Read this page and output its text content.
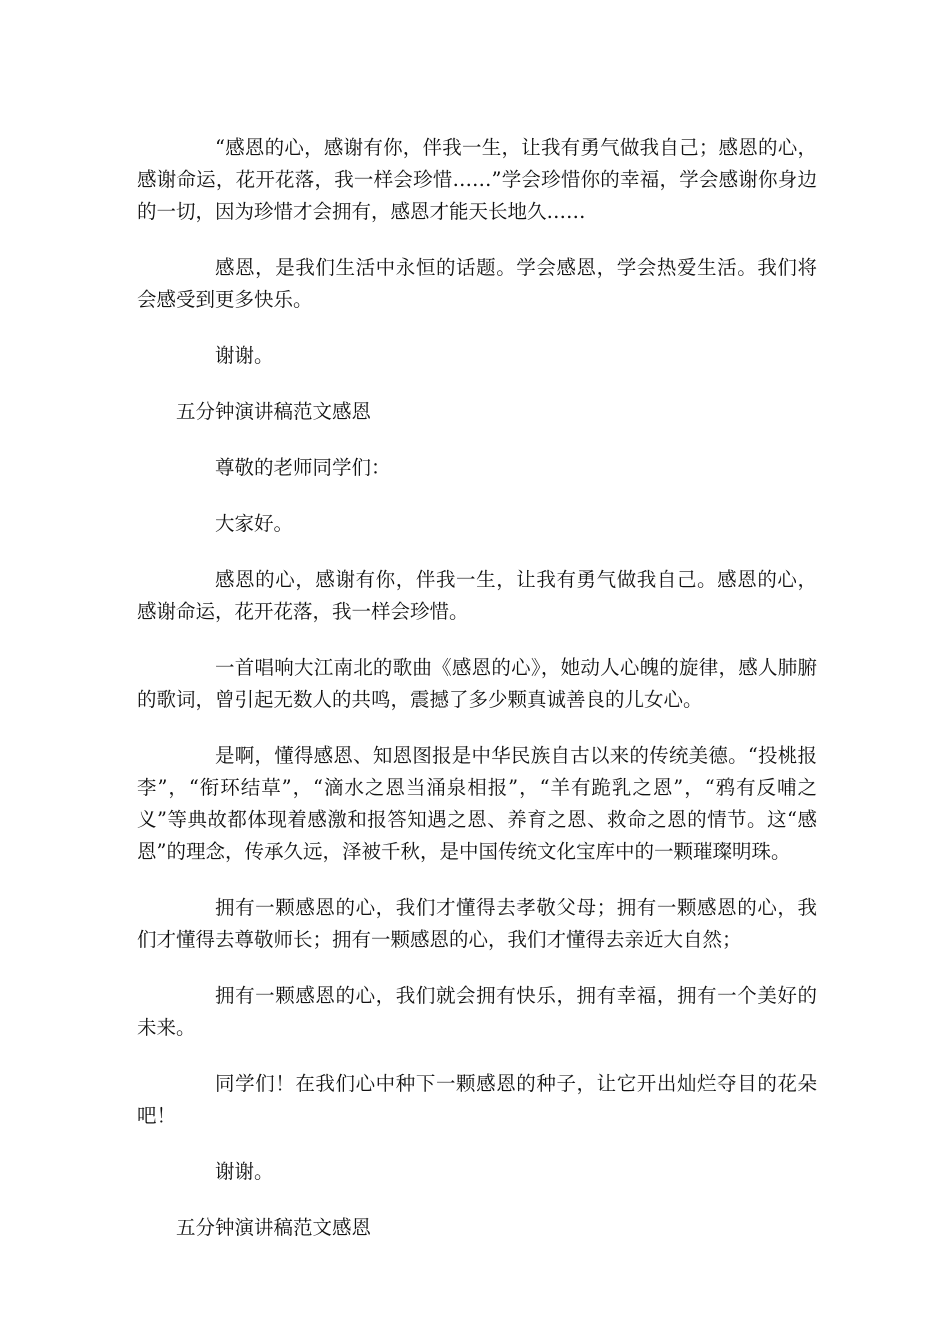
“感恩的心，感谢有你，伴我一生，让我有勇气做我自己；感恩的心，感谢命运，花开花落，我一样会珍惜……”学会珍惜你的幸福，学会感谢你身边的一切，因为珍惜才会拥有，感恩才能天长地久……

感恩，是我们生活中永恒的话题。学会感恩，学会热爱生活。我们将会感受到更多快乐。

谢谢。

五分钟演讲稿范文感恩

尊敬的老师同学们：

大家好。

感恩的心，感谢有你，伴我一生，让我有勇气做我自己。感恩的心，感谢命运，花开花落，我一样会珍惜。

一首唱响大江南北的歌曲《感恩的心》，她动人心魄的旋律，感人肺腑的歌词，曾引起无数人的共鸣，震撼了多少颗真诚善良的儿女心。

是啊，懂得感恩、知恩图报是中华民族自古以来的传统美德。“投桃报李”，“衔环结草”，“滴水之恩当涌泉相报”，“羊有跪乳之恩”，“鸦有反哺之义”等典故都体现着感激和报答知遇之恩、养育之恩、救命之恩的情节。这“感恩”的理念，传承久远，泽被千秋，是中国传统文化宝库中的一颗璀璨明珠。

拥有一颗感恩的心，我们才懂得去孝敬父母；拥有一颗感恩的心，我们才懂得去尊敬师长；拥有一颗感恩的心，我们才懂得去亲近大自然；

拥有一颗感恩的心，我们就会拥有快乐，拥有幸福，拥有一个美好的未来。

同学们！在我们心中种下一颗感恩的种子，让它开出灿烂夺目的花朵吧！

谢谢。

五分钟演讲稿范文感恩
